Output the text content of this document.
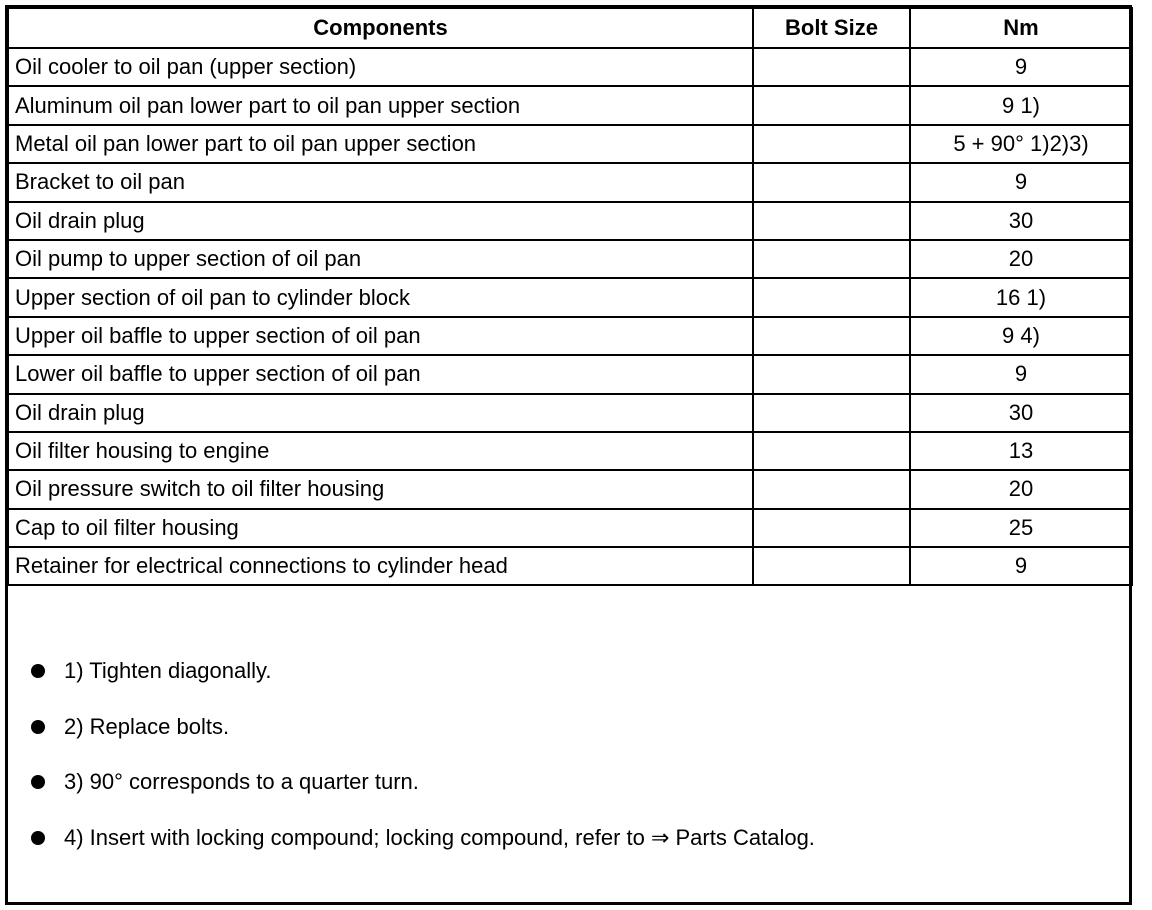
Components	Bolt Size	Nm
Oil cooler to oil pan (upper section)		9
Aluminum oil pan lower part to oil pan upper section		9 1)
Metal oil pan lower part to oil pan upper section		5 + 90° 1)2)3)
Bracket to oil pan		9
Oil drain plug		30
Oil pump to upper section of oil pan		20
Upper section of oil pan to cylinder block		16 1)
Upper oil baffle to upper section of oil pan		9 4)
Lower oil baffle to upper section of oil pan		9
Oil drain plug		30
Oil filter housing to engine		13
Oil pressure switch to oil filter housing		20
Cap to oil filter housing		25
Retainer for electrical connections to cylinder head		9
1) Tighten diagonally.
2) Replace bolts.
3) 90° corresponds to a quarter turn.
4) Insert with locking compound; locking compound, refer to ⇒ Parts Catalog.
